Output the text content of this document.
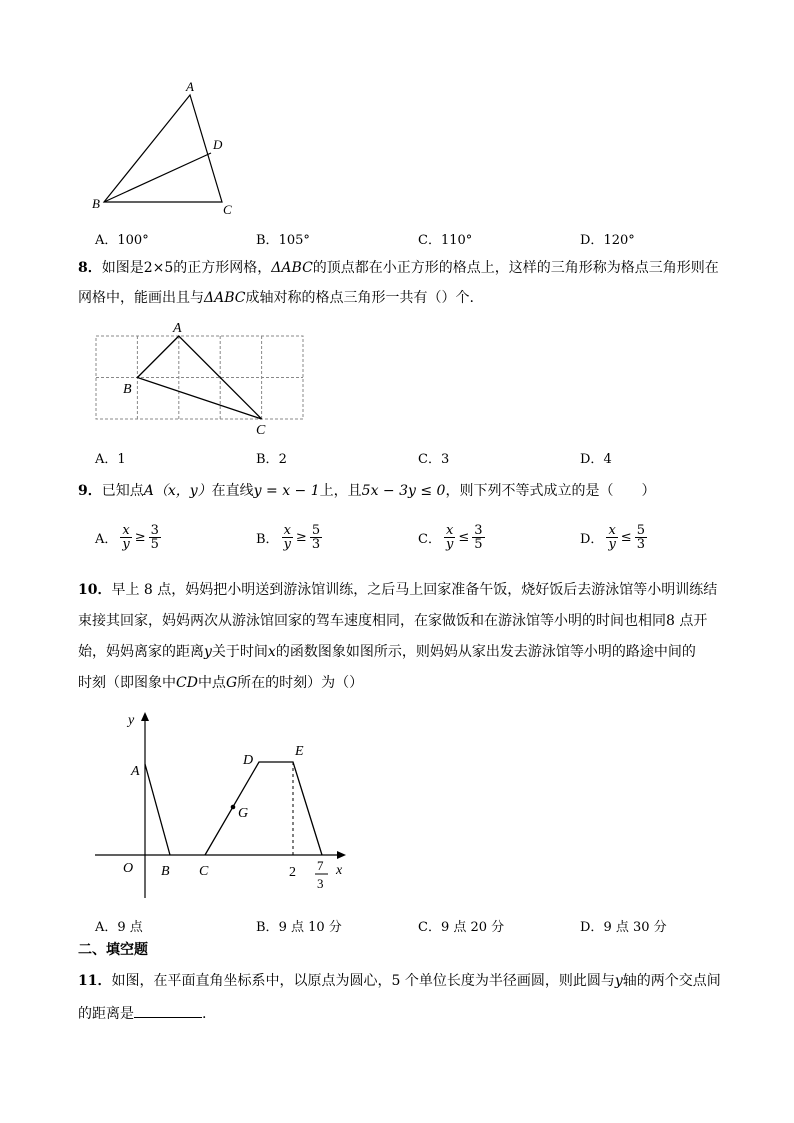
A
B	C
D
A．100°	B．105°	C．110°	D．120°
8．如图是2×5的正方形网格，ΔABC的顶点都在小正方形的格点上，这样的三角形称为格点三角形则在
网格中，能画出且与ΔABC成轴对称的格点三角形一共有（）个.
A
B
C
A．1	B．2	C．3	D．4
9．已知点A（x，y）在直线y = x − 1上，且5x − 3y ≤ 0，则下列不等式成立的是（　　）
A． $\frac{x}{y} \ge \frac{3}{5}$	B． $\frac{x}{y} \ge \frac{5}{3}$	C． $\frac{x}{y} \le \frac{3}{5}$	D． $\frac{x}{y} \le \frac{5}{3}$
10．早上 8 点，妈妈把小明送到游泳馆训练，之后马上回家准备午饭，烧好饭后去游泳馆等小明训练结
束接其回家，妈妈两次从游泳馆回家的驾车速度相同，在家做饭和在游泳馆等小明的时间也相同8 点开
始，妈妈离家的距离y关于时间x的函数图象如图所示，则妈妈从家出发去游泳馆等小明的路途中间的
时刻（即图象中CD中点G所在的时刻）为（）
y
x
O
A
B C
D
E
G
2 7
3
A．9 点	B．9 点 10 分	C．9 点 20 分	D．9 点 30 分
二、填空题
11．如图，在平面直角坐标系中，以原点为圆心，5 个单位长度为半径画圆，则此圆与y轴的两个交点间
的距离是	.
